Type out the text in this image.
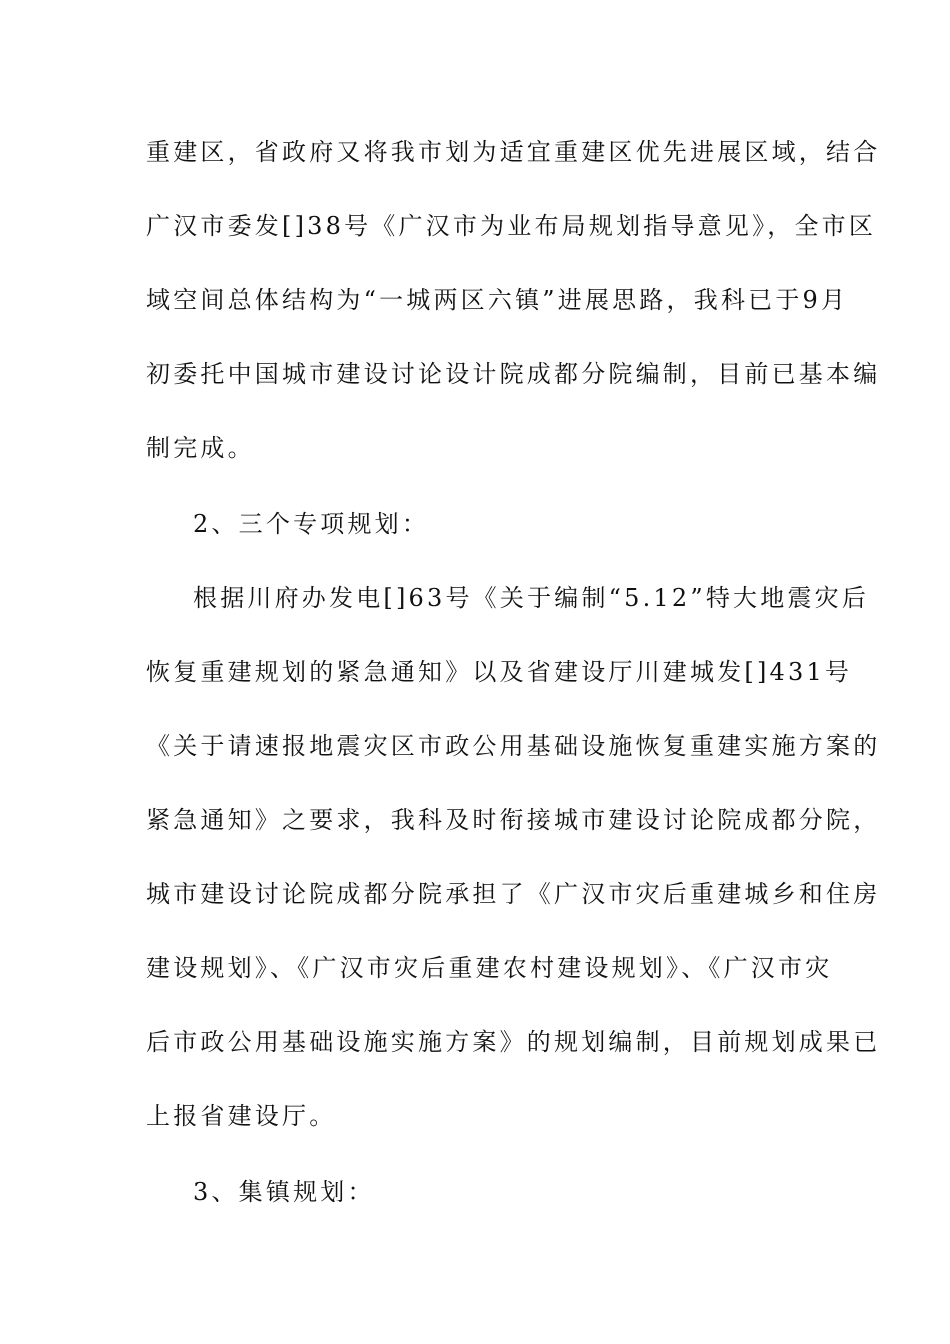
重建区，省政府又将我市划为适宜重建区优先进展区域，结合
广汉市委发[]38号《广汉市为业布局规划指导意见》，全市区
域空间总体结构为“一城两区六镇”进展思路，我科已于9月
初委托中国城市建设讨论设计院成都分院编制，目前已基本编
制完成。
2、三个专项规划：
根据川府办发电[]63号《关于编制“5.12”特大地震灾后
恢复重建规划的紧急通知》以及省建设厅川建城发[]431号
《关于请速报地震灾区市政公用基础设施恢复重建实施方案的
紧急通知》之要求，我科及时衔接城市建设讨论院成都分院，
城市建设讨论院成都分院承担了《广汉市灾后重建城乡和住房
建设规划》、《广汉市灾后重建农村建设规划》、《广汉市灾
后市政公用基础设施实施方案》的规划编制，目前规划成果已
上报省建设厅。
3、集镇规划：
